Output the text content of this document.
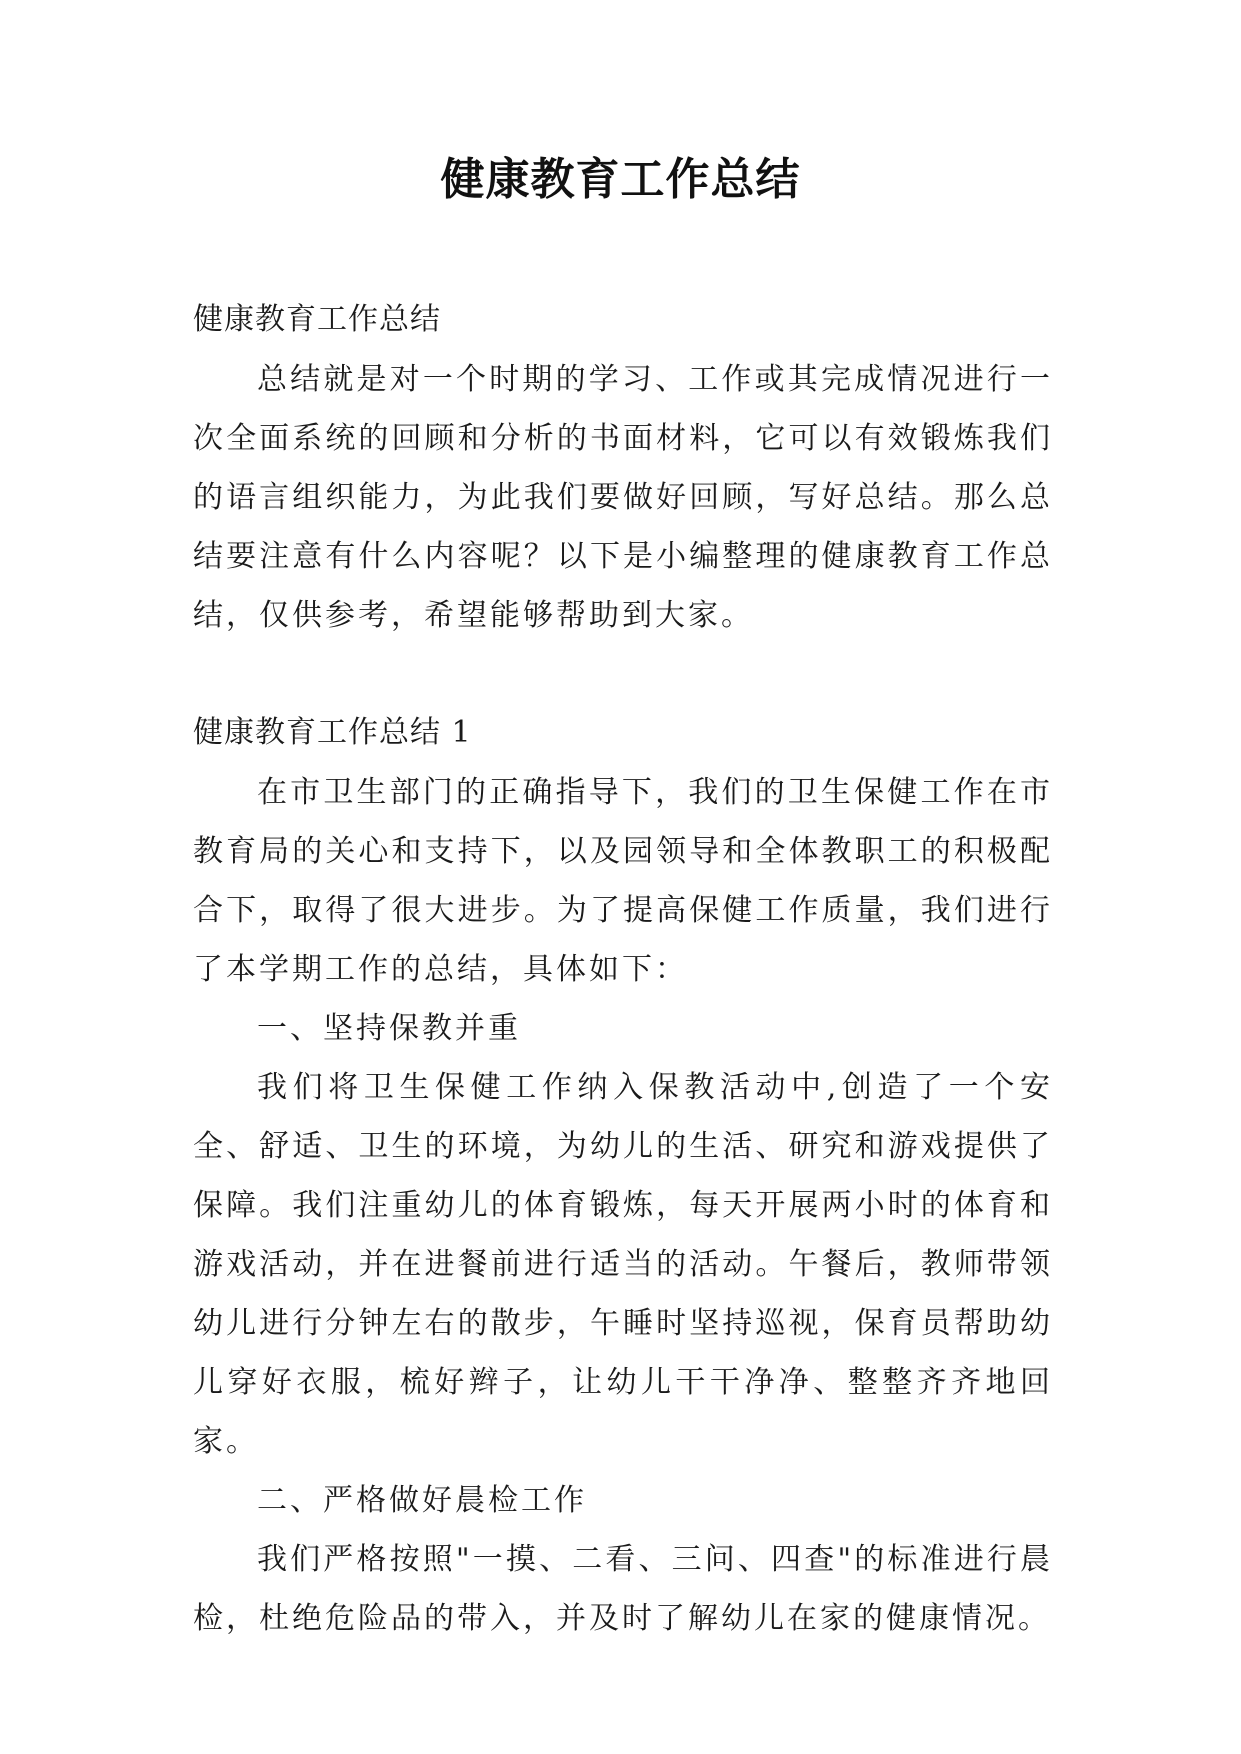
健康教育工作总结

健康教育工作总结

总结就是对一个时期的学习、工作或其完成情况进行一次全面系统的回顾和分析的书面材料，它可以有效锻炼我们的语言组织能力，为此我们要做好回顾，写好总结。那么总结要注意有什么内容呢？以下是小编整理的健康教育工作总结，仅供参考，希望能够帮助到大家。

健康教育工作总结 1

在市卫生部门的正确指导下，我们的卫生保健工作在市教育局的关心和支持下，以及园领导和全体教职工的积极配合下，取得了很大进步。为了提高保健工作质量，我们进行了本学期工作的总结，具体如下：

一、坚持保教并重

我们将卫生保健工作纳入保教活动中,创造了一个安全、舒适、卫生的环境，为幼儿的生活、研究和游戏提供了保障。我们注重幼儿的体育锻炼，每天开展两小时的体育和游戏活动，并在进餐前进行适当的活动。午餐后，教师带领幼儿进行分钟左右的散步，午睡时坚持巡视，保育员帮助幼儿穿好衣服，梳好辫子，让幼儿干干净净、整整齐齐地回家。

二、严格做好晨检工作

我们严格按照"一摸、二看、三问、四查"的标准进行晨检，杜绝危险品的带入，并及时了解幼儿在家的健康情况。
